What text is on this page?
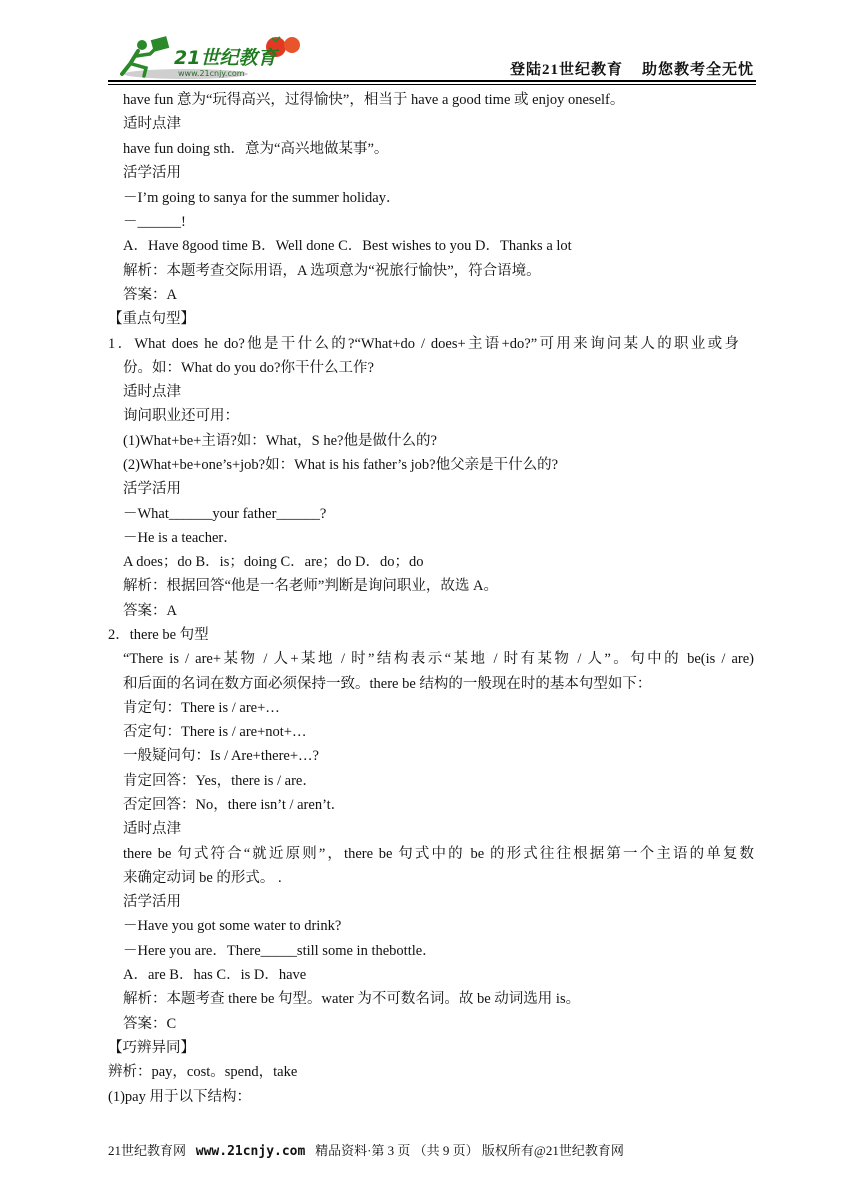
21世纪教育
www.21cnjy.com	登陆21世纪教育    助您教考全无忧
have fun 意为“玩得高兴，过得愉快”，相当于 have a good time 或 enjoy oneself。
适时点津
have fun doing sth．意为“高兴地做某事”。
活学活用
－I’m going to sanya for the summer holiday．
－______!
A．Have 8good time B．Well done C．Best wishes to you D．Thanks a lot
解析：本题考查交际用语，A 选项意为“祝旅行愉快”，符合语境。
答案：A
【重点句型】
1．What does he do?他是干什么的?“What+do / does+主语+do?”可用来询问某人的职业或身
份。如：What do you do?你干什么工作?
适时点津
询问职业还可用：
(1)What+be+主语?如：What，S he?他是做什么的?
(2)What+be+one’s+job?如：What is his father’s job?他父亲是干什么的?
活学活用
－What______your father______?
－He is a teacher．
A does；do B．is；doing C．are；do D．do；do
解析：根据回答“他是一名老师”判断是询问职业，故选 A。
答案：A
2．there be 句型
“There is / are+某物 / 人+某地 / 时”结构表示“某地 / 时有某物 / 人”。句中的 be(is / are)
和后面的名词在数方面必须保持一致。there be 结构的一般现在时的基本句型如下：
肯定句：There is / are+…
否定句：There is / are+not+…
一般疑问句：Is / Are+there+…?
肯定回答：Yes，there is / are．
否定回答：No，there isn’t / aren’t．
适时点津
there be 句式符合“就近原则”，there be 句式中的 be 的形式往往根据第一个主语的单复数
来确定动词 be 的形式。 .
活学活用
－Have you got some water to drink?
－Here you are．There_____still some in thebottle．
A．are B．has C．is D．have
解析：本题考查 there be 句型。water 为不可数名词。故 be 动词选用 is。
答案：C
【巧辨异同】
辨析：pay，cost。spend，take
(1)pay 用于以下结构：
21世纪教育网   www.21cnjy.com   精品资料·第 3 页 （共 9 页） 版权所有@21世纪教育网
